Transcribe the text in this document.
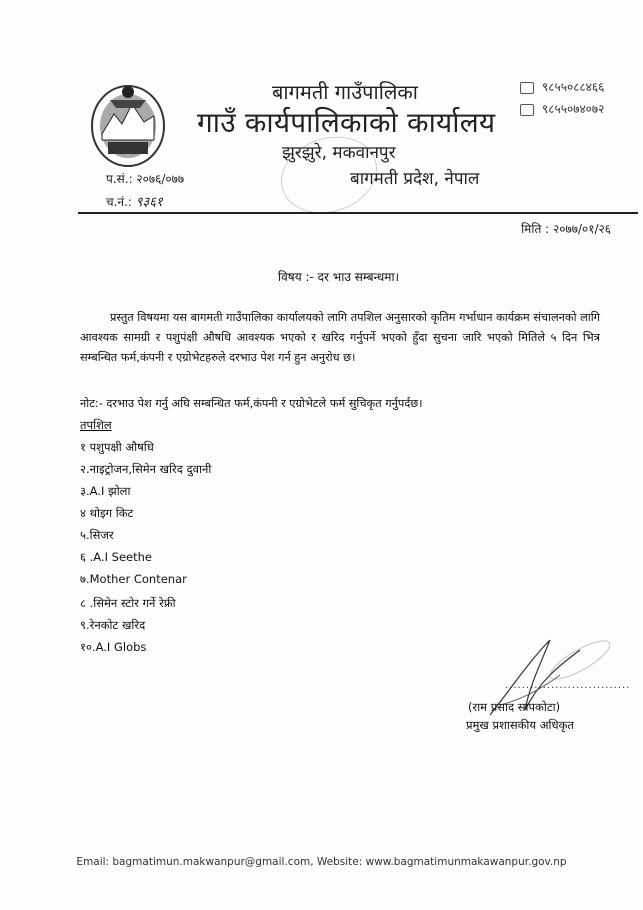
बागमती गाउँपालिका
गाउँ कार्यपालिकाको कार्यालय
झुरझुरे, मकवानपुर
बागमती प्रदेश, नेपाल
९८५५०८८४६६
९८५५०७४०७२
प.सं.: २०७६/०७७
च.नं.: ९३६१
मिति : २०७७/०१/२६
विषय :- दर भाउ सम्बन्धमा।
प्रस्तुत विषयमा यस बागमती गाउँपालिका कार्यालयको लागि तपशिल अनुसारको कृतिम गर्भाधान कार्यक्रम संचालनको लागि आवश्यक सामग्री र पशुपंक्षी औषधि आवश्यक भएको र खरिद गर्नुपर्ने भएको हुँदा सुचना जारि भएको मितिले ५ दिन भित्र सम्बन्धित फर्म,कंपनी र एग्रोभेटहरुले दरभाउ पेश गर्न हुन अनुरोध छ।
नोट:- दरभाउ पेश गर्नु अघि सम्बन्धित फर्म,कंपनी र एग्रोभेटले फर्म सुचिकृत गर्नुपर्दछ।
तपशिल
१ पशुपक्षी औषधि
२.नाइट्रोजन,सिमेन खरिद दुवानी
३.A.I झोला
४ थोइग किट
५.सिजर
६ .A.I Seethe
७.Mother Contenar
८ .सिमेन स्टोर गर्ने रेफ्री
९.रेनकोट खरिद
१०.A.I Globs
..............................
(राम प्रसाद सापकोटा)
प्रमुख प्रशासकीय अधिकृत
Email: bagmatimun.makwanpur@gmail.com, Website: www.bagmatimunmakawanpur.gov.np
